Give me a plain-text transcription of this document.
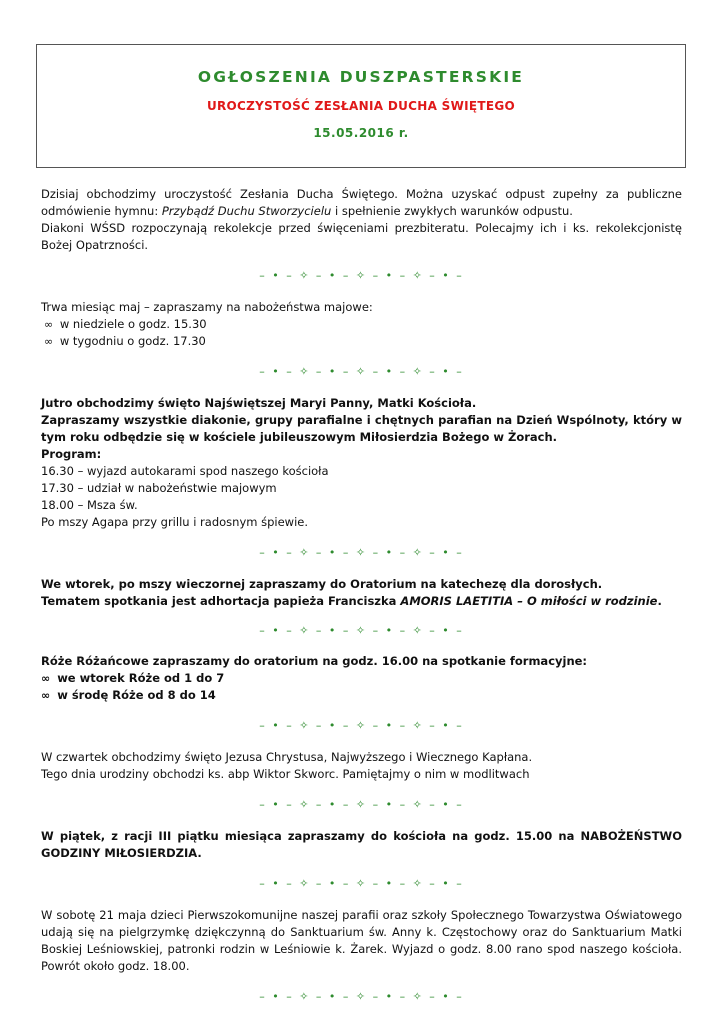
OGŁOSZENIA DUSZPASTERSKIE
UROCZYSTOŚĆ ZESŁANIA DUCHA ŚWIĘTEGO
15.05.2016 r.

Dzisiaj obchodzimy uroczystość Zesłania Ducha Świętego. Można uzyskać odpust zupełny za publiczne odmówienie hymnu: Przybądź Duchu Stworzycielu i spełnienie zwykłych warunków odpustu.

Diakoni WŚSD rozpoczynają rekolekcje przed święceniami prezbiteratu. Polecajmy ich i ks. rekolekcjonistę Bożej Opatrzności.

– • – ✧ – • – ✧ – • – ✧ – • –

Trwa miesiąc maj – zapraszamy na nabożeństwa majowe:

∞ w niedziele o godz. 15.30
∞ w tygodniu o godz. 17.30
– • – ✧ – • – ✧ – • – ✧ – • –

Jutro obchodzimy święto Najświętszej Maryi Panny, Matki Kościoła.

Zapraszamy wszystkie diakonie, grupy parafialne i chętnych parafian na Dzień Wspólnoty, który w tym roku odbędzie się w kościele jubileuszowym Miłosierdzia Bożego w Żorach.

Program:

16.30 – wyjazd autokarami spod naszego kościoła

17.30 – udział w nabożeństwie majowym

18.00 – Msza św.

Po mszy Agapa przy grillu i radosnym śpiewie.

– • – ✧ – • – ✧ – • – ✧ – • –

We wtorek, po mszy wieczornej zapraszamy do Oratorium na katechezę dla dorosłych.

Tematem spotkania jest adhortacja papieża Franciszka AMORIS LAETITIA – O miłości w rodzinie.

– • – ✧ – • – ✧ – • – ✧ – • –

Róże Różańcowe zapraszamy do oratorium na godz. 16.00 na spotkanie formacyjne:

∞ we wtorek Róże od 1 do 7
∞ w środę Róże od 8 do 14
– • – ✧ – • – ✧ – • – ✧ – • –

W czwartek obchodzimy święto Jezusa Chrystusa, Najwyższego i Wiecznego Kapłana.

Tego dnia urodziny obchodzi ks. abp Wiktor Skworc. Pamiętajmy o nim w modlitwach

– • – ✧ – • – ✧ – • – ✧ – • –

W piątek, z racji III piątku miesiąca zapraszamy do kościoła na godz. 15.00 na NABOŻEŃSTWO GODZINY MIŁOSIERDZIA.

– • – ✧ – • – ✧ – • – ✧ – • –

W sobotę 21 maja dzieci Pierwszokomunijne naszej parafii oraz szkoły Społecznego Towarzystwa Oświatowego udają się na pielgrzymkę dziękczynną do Sanktuarium św. Anny k. Częstochowy oraz do Sanktuarium Matki Boskiej Leśniowskiej, patronki rodzin w Leśniowie k. Żarek. Wyjazd o godz. 8.00 rano spod naszego kościoła. Powrót około godz. 18.00.

– • – ✧ – • – ✧ – • – ✧ – • –
